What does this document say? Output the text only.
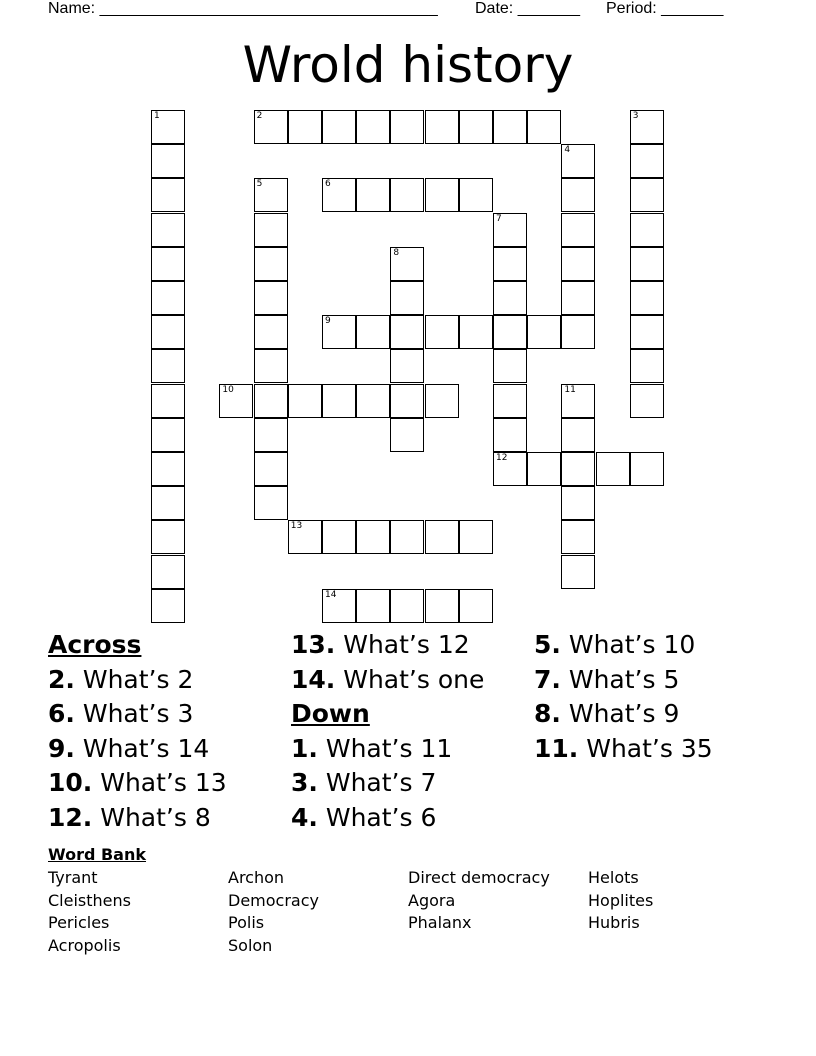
Name: ______________________________________ Date: _______ Period: _______
Wrold history
1	2	3
4
5	6
7
12
8
9
10	11
13
14
Across
2. What’s 2
6. What’s 3
9. What’s 14
10. What’s 13
12. What’s 8
13. What’s 12
14. What’s one
Down
1. What’s 11
3. What’s 7
4. What’s 6
5. What’s 10
7. What’s 5
8. What’s 9
11. What’s 35
Word Bank
Tyrant
Cleisthens
Pericles
Acropolis
Archon
Democracy
Polis
Solon
Direct democracy
Agora
Phalanx
Helots
Hoplites
Hubris
